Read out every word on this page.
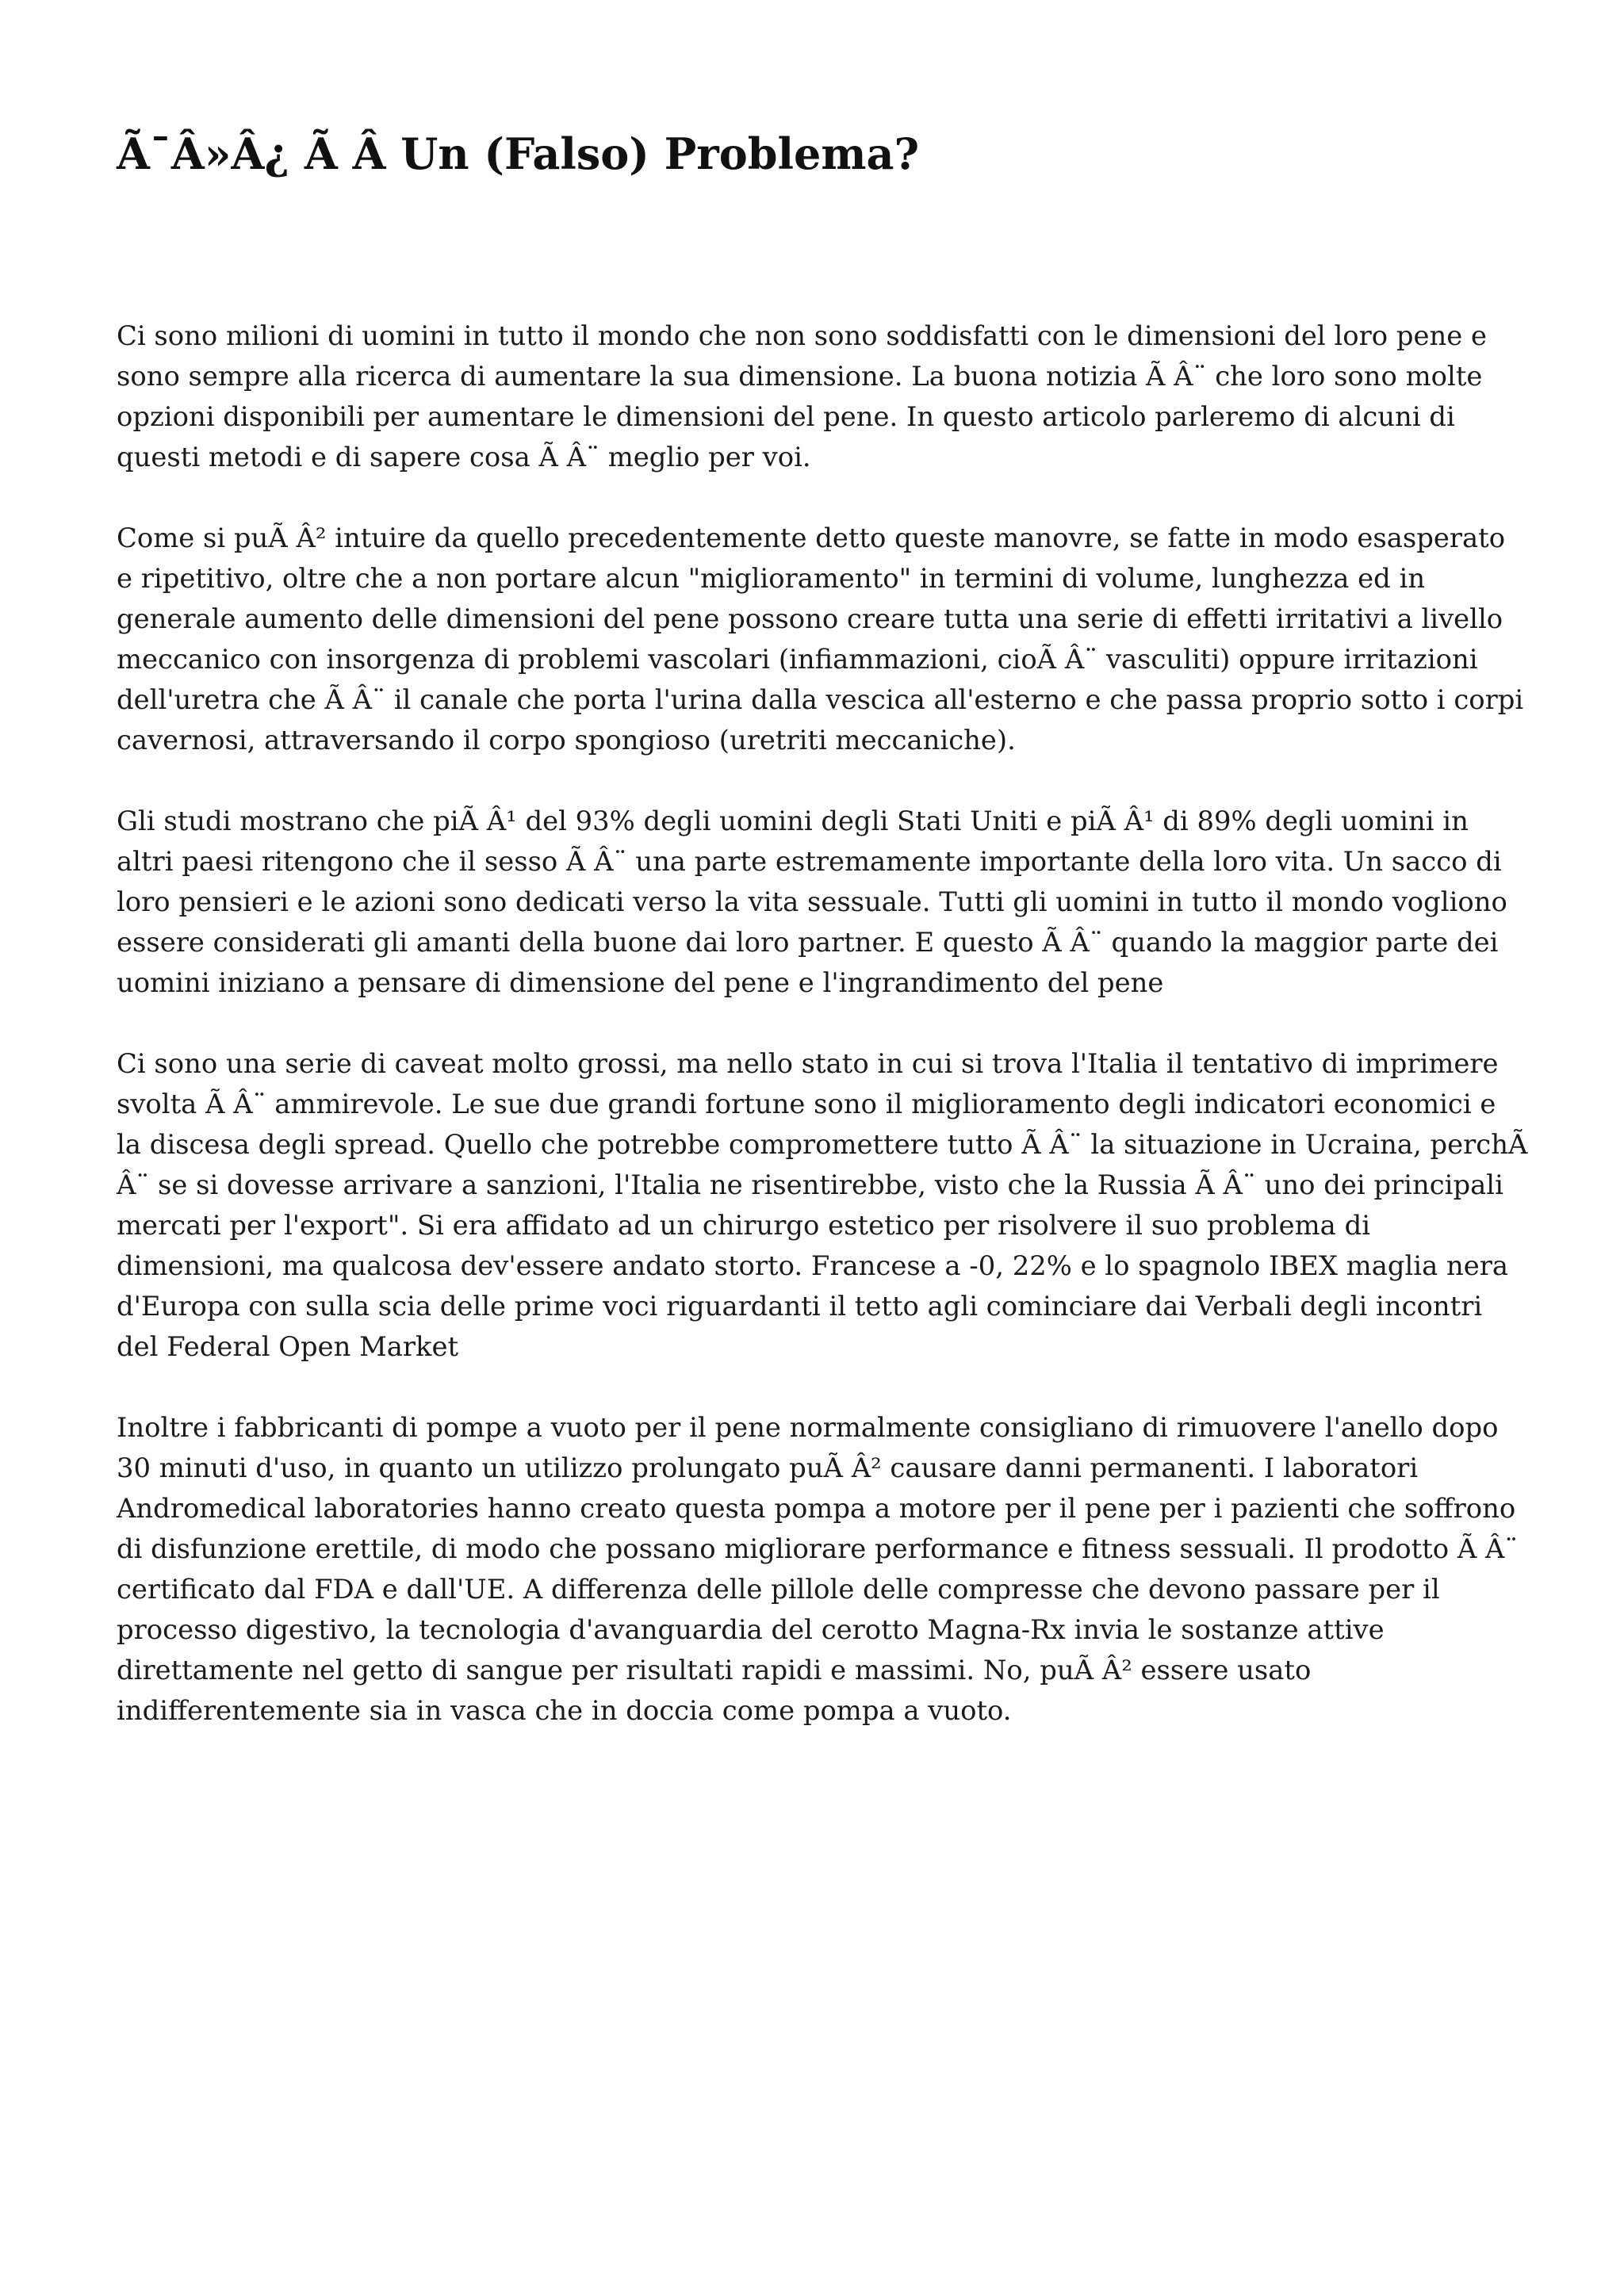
Ã¯Â»Â¿ Ã Â Un (Falso) Problema?

Ci sono milioni di uomini in tutto il mondo che non sono soddisfatti con le dimensioni del loro pene e sono sempre alla ricerca di aumentare la sua dimensione. La buona notizia Ã Â¨ che loro sono molte opzioni disponibili per aumentare le dimensioni del pene. In questo articolo parleremo di alcuni di questi metodi e di sapere cosa Ã Â¨ meglio per voi.

Come si puÃ Â² intuire da quello precedentemente detto queste manovre, se fatte in modo esasperato e ripetitivo, oltre che a non portare alcun "miglioramento" in termini di volume, lunghezza ed in generale aumento delle dimensioni del pene possono creare tutta una serie di effetti irritativi a livello meccanico con insorgenza di problemi vascolari (infiammazioni, cioÃ Â¨ vasculiti) oppure irritazioni dell'uretra che Ã Â¨ il canale che porta l'urina dalla vescica all'esterno e che passa proprio sotto i corpi cavernosi, attraversando il corpo spongioso (uretriti meccaniche).

Gli studi mostrano che piÃ Â¹ del 93% degli uomini degli Stati Uniti e piÃ Â¹ di 89% degli uomini in altri paesi ritengono che il sesso Ã Â¨ una parte estremamente importante della loro vita. Un sacco di loro pensieri e le azioni sono dedicati verso la vita sessuale. Tutti gli uomini in tutto il mondo vogliono essere considerati gli amanti della buone dai loro partner. E questo Ã Â¨ quando la maggior parte dei uomini iniziano a pensare di dimensione del pene e l'ingrandimento del pene

Ci sono una serie di caveat molto grossi, ma nello stato in cui si trova l'Italia il tentativo di imprimere svolta Ã Â¨ ammirevole. Le sue due grandi fortune sono il miglioramento degli indicatori economici e la discesa degli spread. Quello che potrebbe compromettere tutto Ã Â¨ la situazione in Ucraina, perchÃ Â¨ se si dovesse arrivare a sanzioni, l'Italia ne risentirebbe, visto che la Russia Ã Â¨ uno dei principali mercati per l'export". Si era affidato ad un chirurgo estetico per risolvere il suo problema di dimensioni, ma qualcosa dev'essere andato storto. Francese a -0, 22% e lo spagnolo IBEX maglia nera d'Europa con sulla scia delle prime voci riguardanti il tetto agli cominciare dai Verbali degli incontri del Federal Open Market

Inoltre i fabbricanti di pompe a vuoto per il pene normalmente consigliano di rimuovere l'anello dopo 30 minuti d'uso, in quanto un utilizzo prolungato puÃ Â² causare danni permanenti. I laboratori Andromedical laboratories hanno creato questa pompa a motore per il pene per i pazienti che soffrono di disfunzione erettile, di modo che possano migliorare performance e fitness sessuali. Il prodotto Ã Â¨ certificato dal FDA e dall'UE. A differenza delle pillole delle compresse che devono passare per il processo digestivo, la tecnologia d'avanguardia del cerotto Magna-Rx invia le sostanze attive direttamente nel getto di sangue per risultati rapidi e massimi. No, puÃ Â² essere usato indifferentemente sia in vasca che in doccia come pompa a vuoto.
